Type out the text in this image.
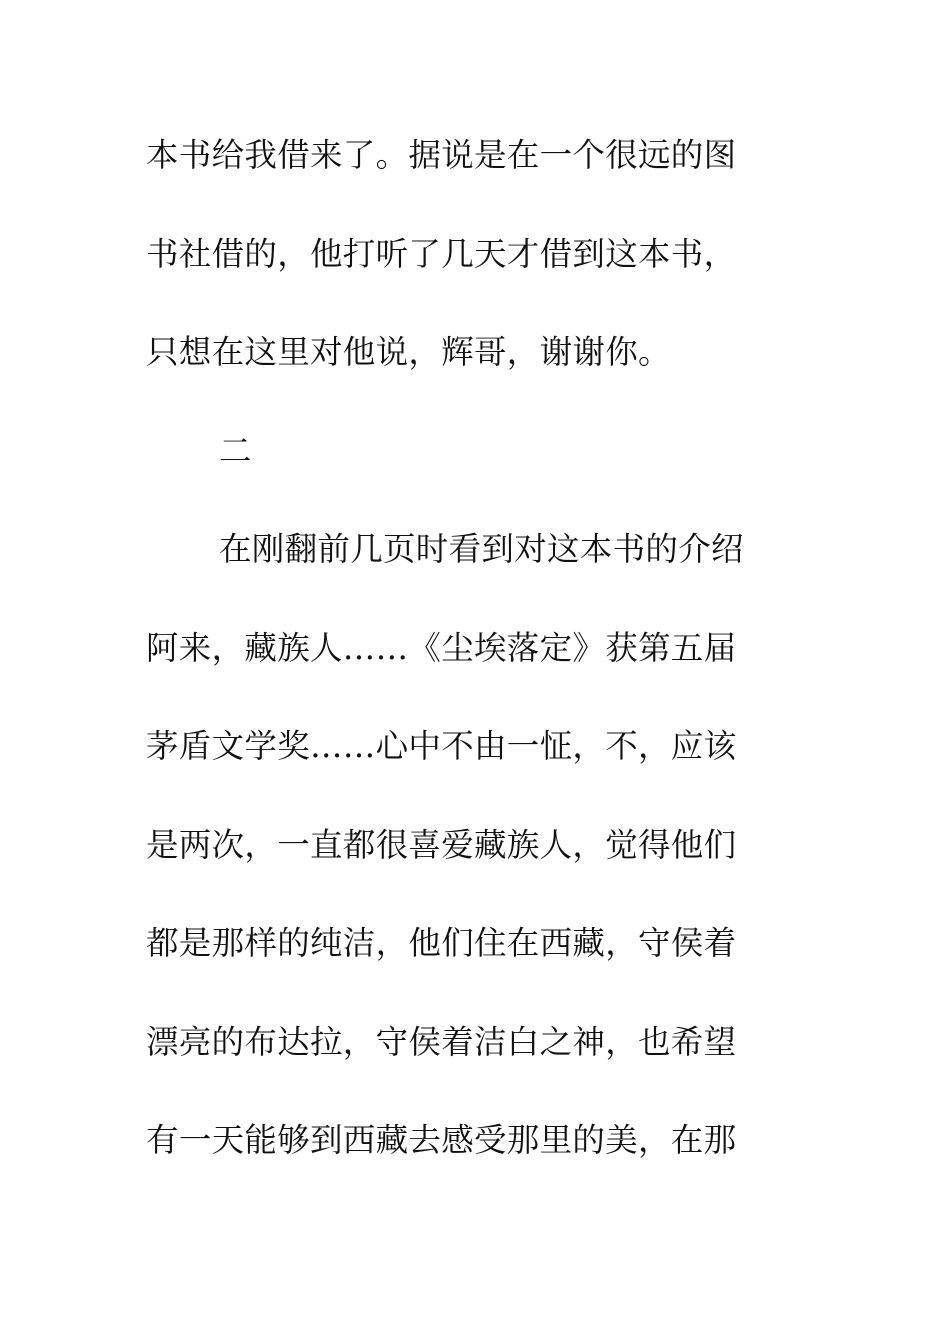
本书给我借来了。据说是在一个很远的图
书社借的，他打听了几天才借到这本书，
只想在这里对他说，辉哥，谢谢你。
二
在刚翻前几页时看到对这本书的介绍
阿来，藏族人……《尘埃落定》获第五届
茅盾文学奖……心中不由一怔，不，应该
是两次，一直都很喜爱藏族人，觉得他们
都是那样的纯洁，他们住在西藏，守侯着
漂亮的布达拉，守侯着洁白之神，也希望
有一天能够到西藏去感受那里的美，在那
